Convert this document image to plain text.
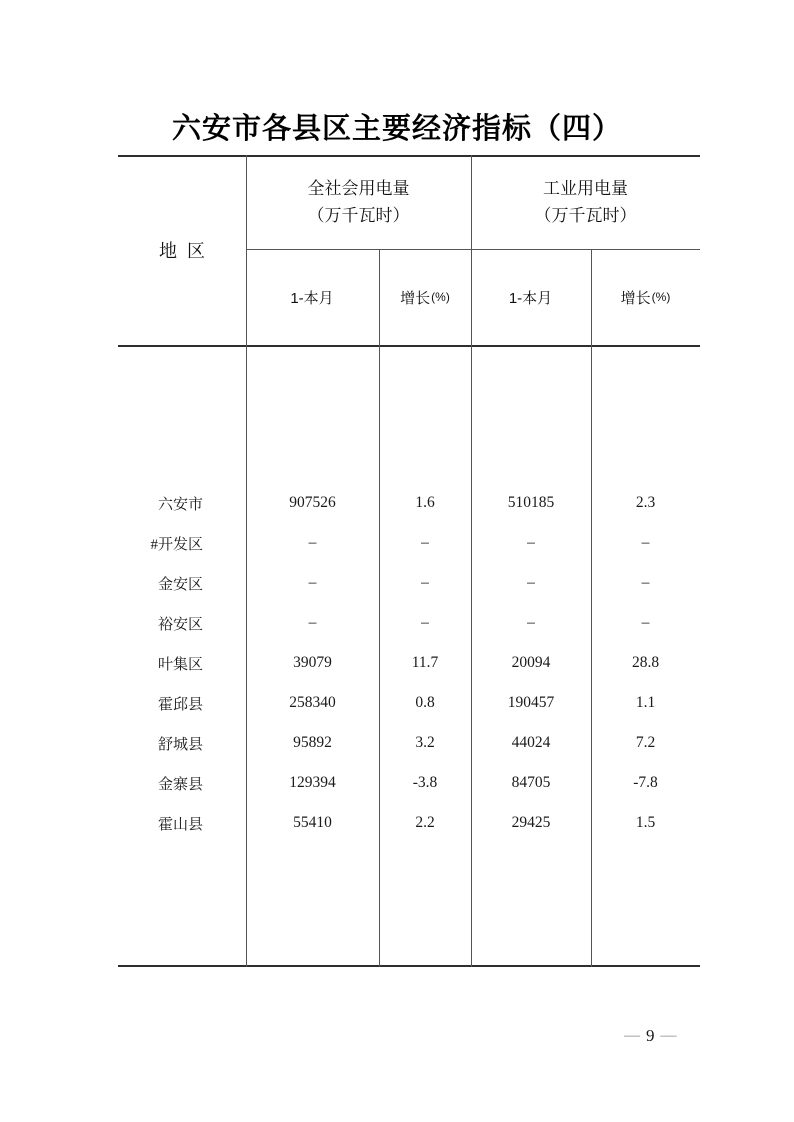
六安市各县区主要经济指标（四）
地  区
全社会用电量
（万千瓦时）
工业用电量
（万千瓦时）
1-本月	增长 (%)	1-本月	增长 (%)
六安市	907526	1.6	510185	2.3
#开发区	–	–	–	–
金安区	–	–	–	–
裕安区	–	–	–	–
叶集区	39079	11.7	20094	28.8
霍邱县	258340	0.8	190457	1.1
舒城县	95892	3.2	44024	7.2
金寨县	129394	-3.8	84705	-7.8
霍山县	55410	2.2	29425	1.5
— 9 —
